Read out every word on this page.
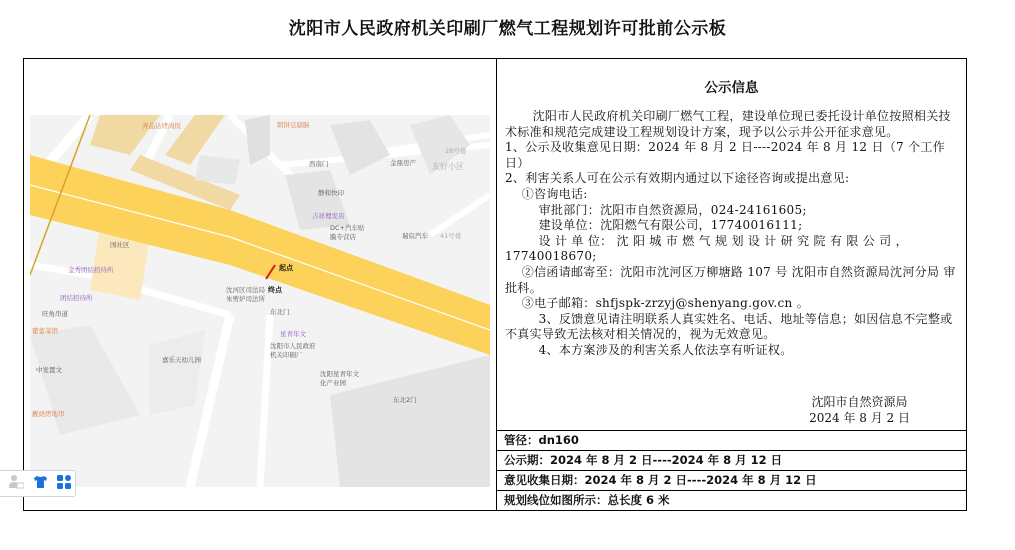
沈阳市人民政府机关印刷厂燃气工程规划许可批前公示板
起点
终点
齐品达烤肉饭	朗饼豆腐脑
西南门
静和快印
吉祥理发店
金鼎房产 友好小区
28号楼
DC+汽车贴膜专营店	瑞宸汽车 41号楼
国社区
金秀团结招待所
团结招待所
旺角串道
藿蕾菜馆
中发置文
嘉乐天幼儿园
靓烧烤地串
沈河区司法局朱剪炉司法所
东北门
星青年文
沈阳市人民政府机关印刷厂
沈阳星青年文化产业园
东北2门
公示信息

沈阳市人民政府机关印刷厂燃气工程，建设单位现已委托设计单位按照相关技术标准和规范完成建设工程规划设计方案，现予以公示并公开征求意见。

1、公示及收集意见日期：2024 年 8 月 2 日----2024 年 8 月 12 日（7 个工作日）

2、利害关系人可在公示有效期内通过以下途径咨询或提出意见:

①咨询电话:

审批部门：沈阳市自然资源局，024-24161605;

建设单位：沈阳燃气有限公司，17740016111;

设 计 单 位： 沈 阳 城 市 燃 气 规 划 设 计 研 究 院 有 限 公 司 ，17740018670;

②信函请邮寄至：沈阳市沈河区万柳塘路 107 号 沈阳市自然资源局沈河分局 审批科。

③电子邮箱：shfjspk-zrzyj@shenyang.gov.cn 。

3、反馈意见请注明联系人真实姓名、电话、地址等信息；如因信息不完整或不真实导致无法核对相关情况的，视为无效意见。

4、本方案涉及的利害关系人依法享有听证权。

沈阳市自然资源局
2024 年 8 月 2 日
管径：dn160
公示期：2024 年 8 月 2 日----2024 年 8 月 12 日
意见收集日期：2024 年 8 月 2 日----2024 年 8 月 12 日
规划线位如图所示：总长度 6 米
